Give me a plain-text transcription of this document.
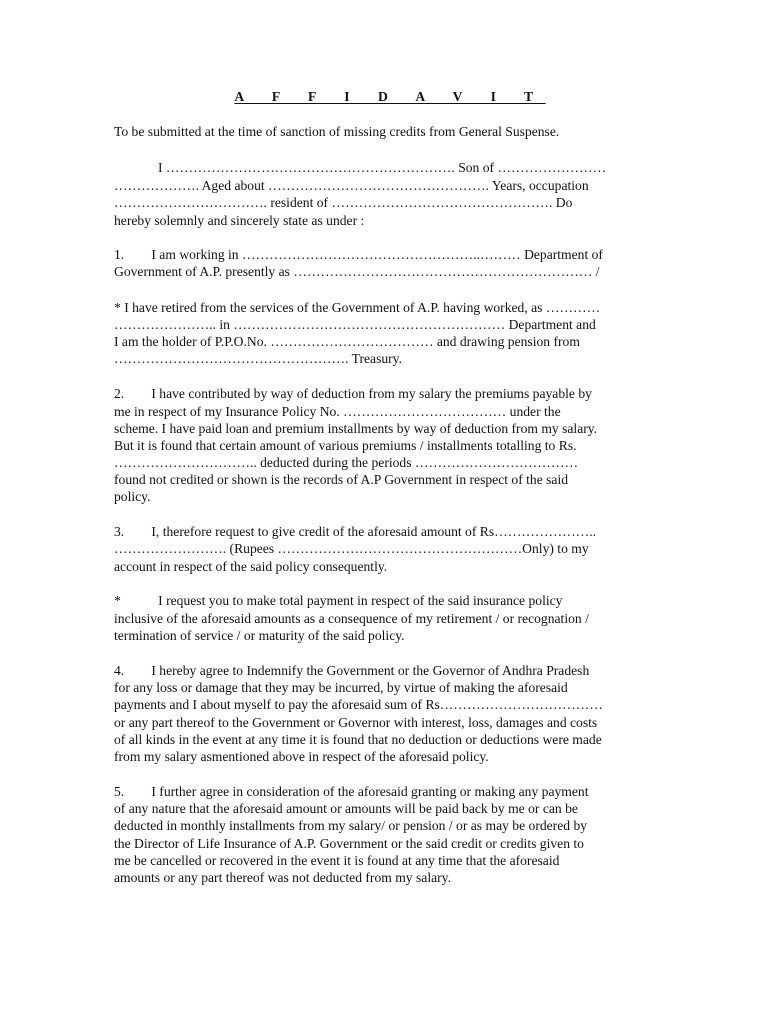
A F F I D A V I T
To be submitted at the time of sanction of missing credits from General Suspense.
I ………………………………………………………. Son of ……………………
………………. Aged about …………………………………………. Years, occupation
……………………………. resident of …………………………………………. Do
hereby solemnly and sincerely state as under :
1.        I am working in ……………………………………………..……… Department of
Government of A.P. presently as ………………………………………………………… /
* I have retired from the services of the Government of A.P. having worked, as …………
………………….. in …………………………………………………… Department and
I am the holder of P.P.O.No. ……………………………… and drawing pension from
……………………………………………. Treasury.
2.        I have contributed by way of deduction from my salary the premiums payable by
me in respect of my Insurance Policy No. ……………………………… under the
scheme. I have paid loan and premium installments by way of deduction from my salary.
But it is found that certain amount of various premiums / installments totalling to Rs.
………………………….. deducted during the periods ………………………………
found not credited or shown is the records of A.P Government in respect of the said
policy.
3.        I, therefore request to give credit of the aforesaid amount of Rs…………………..
……………………. (Rupees ………………………………………………Only) to my
account in respect of the said policy consequently.
*           I request you to make total payment in respect of the said insurance policy
inclusive of the aforesaid amounts as a consequence of my retirement / or recognation /
termination of service / or maturity of the said policy.
4.        I hereby agree to Indemnify the Government or the Governor of Andhra Pradesh
for any loss or damage that they may be incurred, by virtue of making the aforesaid
payments and I about myself to pay the aforesaid sum of Rs………………………………
or any part thereof to the Government or Governor with interest, loss, damages and costs
of all kinds in the event at any time it is found that no deduction or deductions were made
from my salary asmentioned above in respect of the aforesaid policy.
5.        I further agree in consideration of the aforesaid granting or making any payment
of any nature that the aforesaid amount or amounts will be paid back by me or can be
deducted in monthly installments from my salary/ or pension / or as may be ordered by
the Director of Life Insurance of A.P. Government or the said credit or credits given to
me be cancelled or recovered in the event it is found at any time that the aforesaid
amounts or any part thereof was not deducted from my salary.
